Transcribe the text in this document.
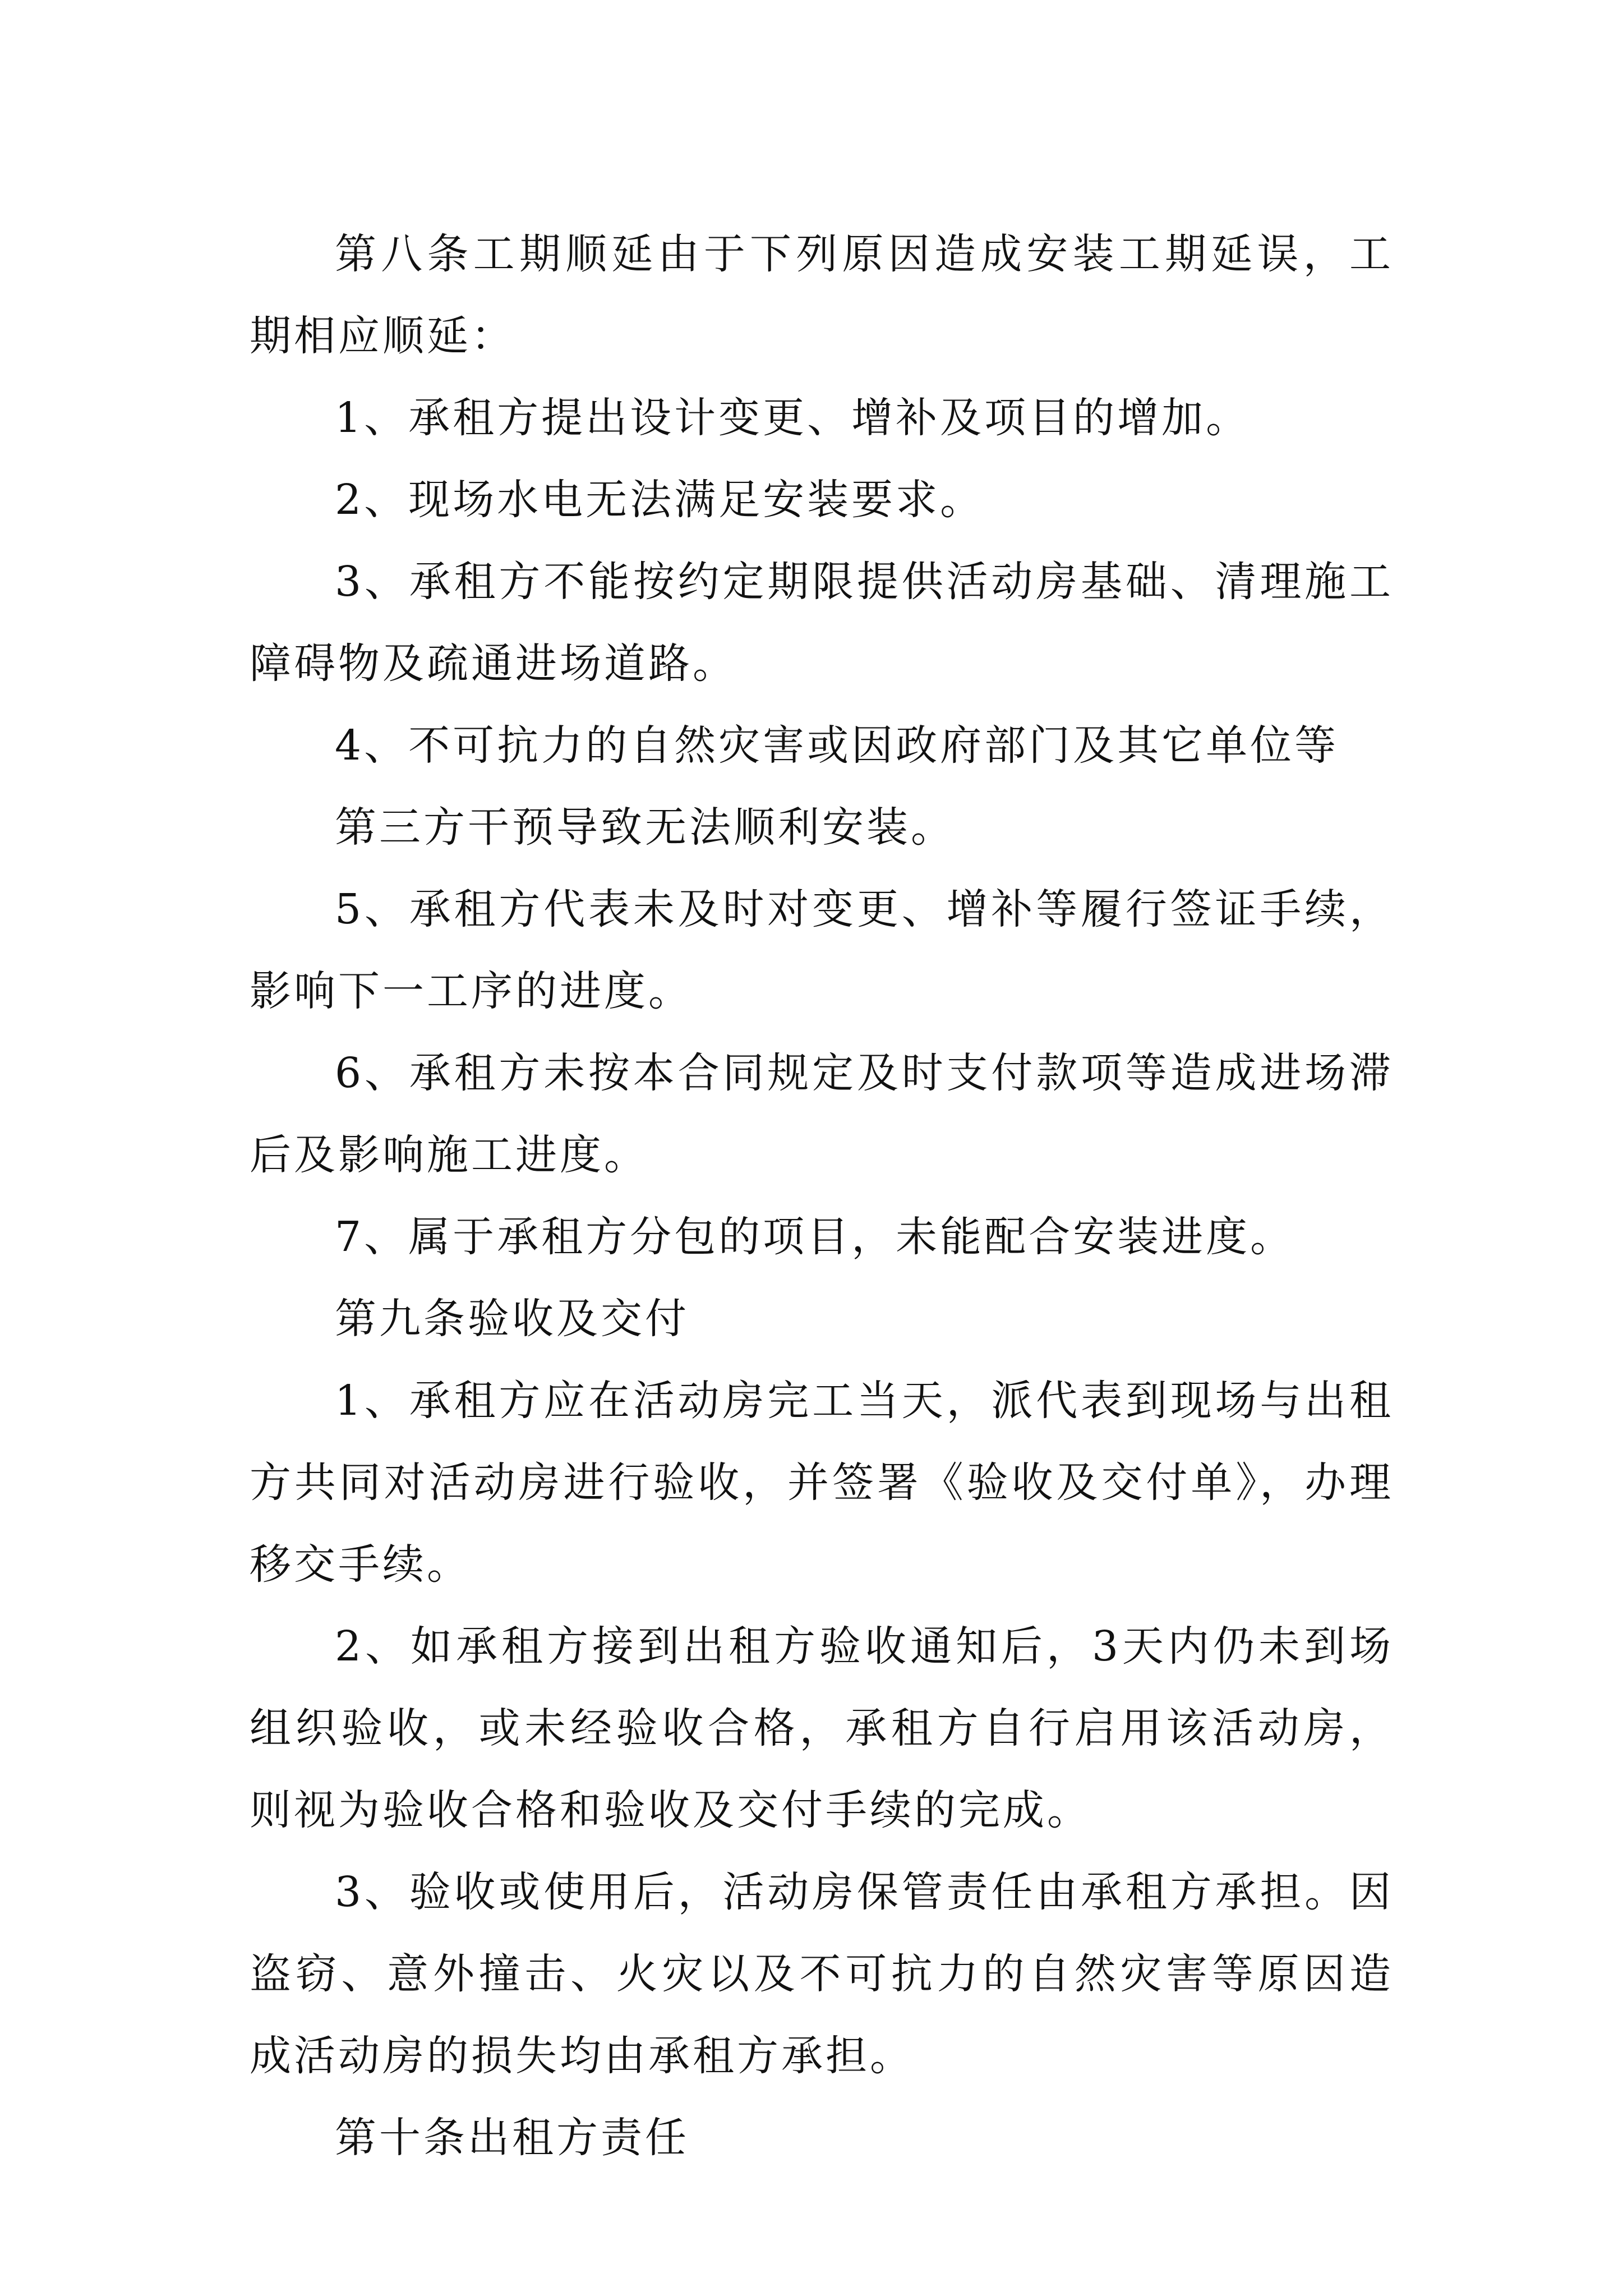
第八条工期顺延由于下列原因造成安装工期延误，工期相应顺延：

1、承租方提出设计变更、增补及项目的增加。

2、现场水电无法满足安装要求。

3、承租方不能按约定期限提供活动房基础、清理施工障碍物及疏通进场道路。

4、不可抗力的自然灾害或因政府部门及其它单位等

第三方干预导致无法顺利安装。

5、承租方代表未及时对变更、增补等履行签证手续，影响下一工序的进度。

6、承租方未按本合同规定及时支付款项等造成进场滞后及影响施工进度。

7、属于承租方分包的项目，未能配合安装进度。

第九条验收及交付

1、承租方应在活动房完工当天，派代表到现场与出租方共同对活动房进行验收，并签署《验收及交付单》，办理移交手续。

2、如承租方接到出租方验收通知后，3天内仍未到场组织验收，或未经验收合格，承租方自行启用该活动房，则视为验收合格和验收及交付手续的完成。

3、验收或使用后，活动房保管责任由承租方承担。因盗窃、意外撞击、火灾以及不可抗力的自然灾害等原因造成活动房的损失均由承租方承担。

第十条出租方责任
